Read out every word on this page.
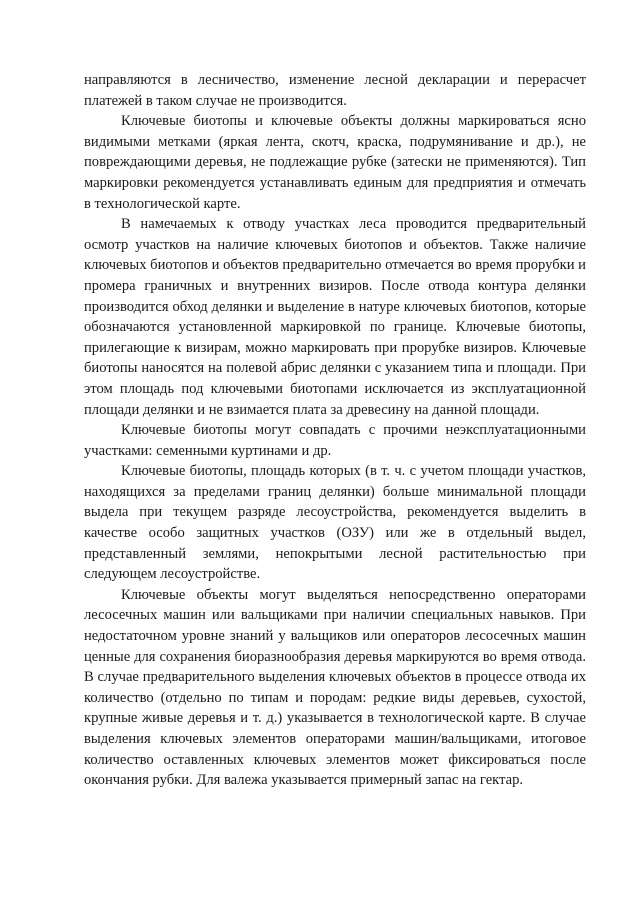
направляются в лесничество, изменение лесной декларации и перерасчет платежей в таком случае не производится.

Ключевые биотопы и ключевые объекты должны маркироваться ясно видимыми метками (яркая лента, скотч, краска, подрумянивание и др.), не повреждающими деревья, не подлежащие рубке (затески не применяются). Тип маркировки рекомендуется устанавливать единым для предприятия и отмечать в технологической карте.

В намечаемых к отводу участках леса проводится предварительный осмотр участков на наличие ключевых биотопов и объектов. Также наличие ключевых биотопов и объектов предварительно отмечается во время прорубки и промера граничных и внутренних визиров. После отвода контура делянки производится обход делянки и выделение в натуре ключевых биотопов, которые обозначаются установленной маркировкой по границе. Ключевые биотопы, прилегающие к визирам, можно маркировать при прорубке визиров. Ключевые биотопы наносятся на полевой абрис делянки с указанием типа и площади. При этом площадь под ключевыми биотопами исключается из эксплуатационной площади делянки и не взимается плата за древесину на данной площади.

Ключевые биотопы могут совпадать с прочими неэксплуатационными участками: семенными куртинами и др.

Ключевые биотопы, площадь которых (в т. ч. с учетом площади участков, находящихся за пределами границ делянки) больше минимальной площади выдела при текущем разряде лесоустройства, рекомендуется выделить в качестве особо защитных участков (ОЗУ) или же в отдельный выдел, представленный землями, непокрытыми лесной растительностью при следующем лесоустройстве.

Ключевые объекты могут выделяться непосредственно операторами лесосечных машин или вальщиками при наличии специальных навыков. При недостаточном уровне знаний у вальщиков или операторов лесосечных машин ценные для сохранения биоразнообразия деревья маркируются во время отвода. В случае предварительного выделения ключевых объектов в процессе отвода их количество (отдельно по типам и породам: редкие виды деревьев, сухостой, крупные живые деревья и т. д.) указывается в технологической карте. В случае выделения ключевых элементов операторами машин/вальщиками, итоговое количество оставленных ключевых элементов может фиксироваться после окончания рубки. Для валежа указывается примерный запас на гектар.
